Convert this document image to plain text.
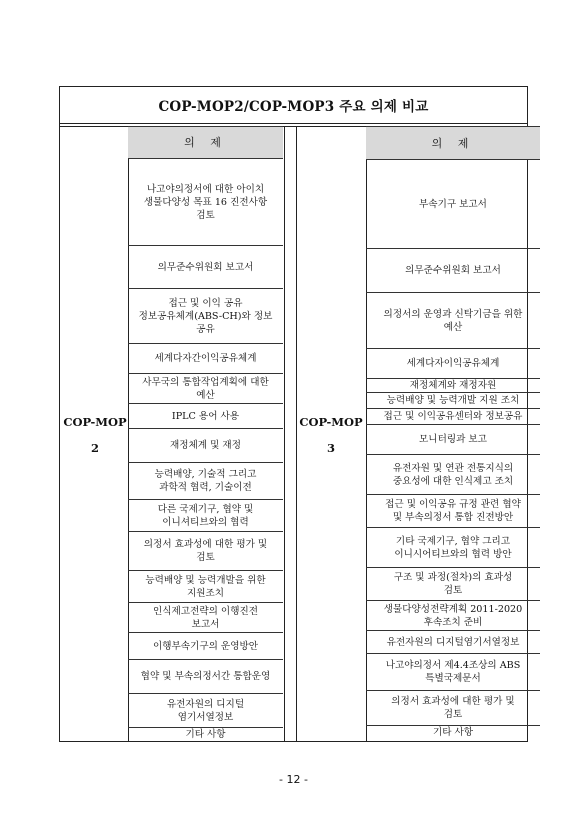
COP-MOP2/COP-MOP3 주요 의제 비교
COP-MOP
2
COP-MOP
3
의 제
나고야의정서에 대한 아이치
생물다양성 목표 16 진전사항
검토
의무준수위원회 보고서
접근 및 이익 공유
정보공유체계(ABS-CH)와 정보
공유
세계다자간이익공유체계
사무국의 통합작업계획에 대한
예산
IPLC 용어 사용
재정체계 및 재정
능력배양, 기술적 그리고
과학적 협력, 기술이전
다른 국제기구, 협약 및
이니셔티브와의 협력
의정서 효과성에 대한 평가 및
검토
능력배양 및 능력개발을 위한
지원조치
인식제고전략의 이행진전
보고서
이행부속기구의 운영방안
협약 및 부속의정서간 통합운영
유전자원의 디지털
염기서열정보
기타 사항
의 제
부속기구 보고서
의무준수위원회 보고서
의정서의 운영과 신탁기금을 위한
예산
세계다자이익공유체계
재정체계와 재정자원
능력배양 및 능력개발 지원 조치
접근 및 이익공유센터와 정보공유
모니터링과 보고
유전자원 및 연관 전통지식의
중요성에 대한 인식제고 조치
접근 및 이익공유 규정 관련 협약
및 부속의정서 통합 진전방안
기타 국제기구, 협약 그리고
이니시어티브와의 협력 방안
구조 및 과정(절차)의 효과성
검토
생물다양성전략계획 2011-2020
후속조치 준비
유전자원의 디지털염기서열정보
나고야의정서 제4.4조상의 ABS
특별국제문서
의정서 효과성에 대한 평가 및
검토
기타 사항
- 12 -
